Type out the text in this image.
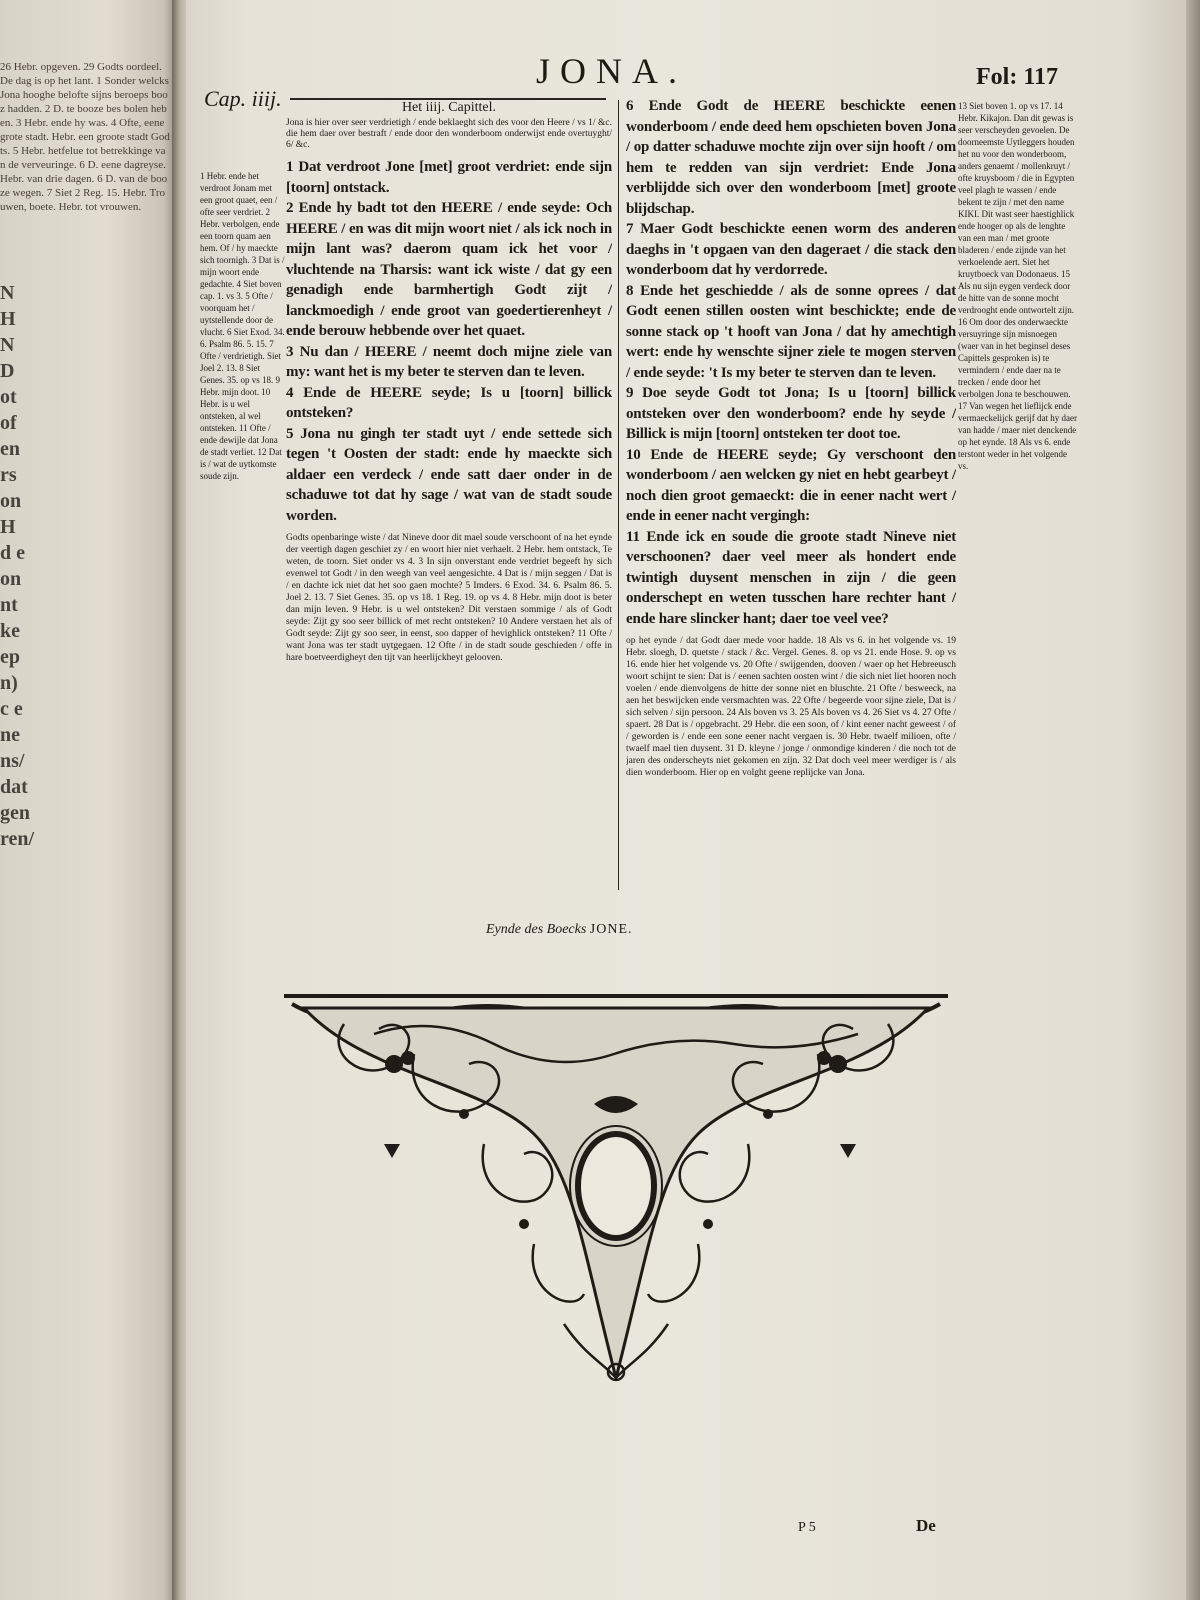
26 Hebr. opgeven. 29 Godts oordeel. De dag is op het lant. 1 Sonder welcks Jona hooghe belofte sijns beroeps booz hadden. 2 D. te booze bes bolen heben. 3 Hebr. ende hy was. 4 Ofte, eene grote stadt. Hebr. een groote stadt Godts. 5 Hebr. hetfelue tot betrekkinge van de verveuringe. 6 D. eene dagreyse. Hebr. van drie dagen. 6 D. van de booze wegen. 7 Siet 2 Reg. 15. Hebr. Trouwen, boete. Hebr. tot vrouwen.
N H N D ot of en rs on H d e on nt ke ep n) c e ne ns/ dat gen ren/
Cap. iiij.
JONA.	Fol: 117

1 Hebr. ende het verdroot Jonam met een groot quaet, een / ofte seer verdriet. 2 Hebr. verbolgen, ende een toorn quam aen hem. Of / hy maeckte sich toornigh. 3 Dat is / mijn woort ende gedachte. 4 Siet boven cap. 1. vs 3. 5 Ofte / voorquam het / uytstellende door de vlucht. 6 Siet Exod. 34. 6. Psalm 86. 5. 15. 7 Ofte / verdrietigh. Siet Joel 2. 13. 8 Siet Genes. 35. op vs 18. 9 Hebr. mijn doot. 10 Hebr. is u wel ontsteken, al wel ontsteken. 11 Ofte / ende dewijle dat Jona de stadt verliet. 12 Dat is / wat de uytkomste soude zijn.

Het iiij. Capittel.

Jona is hier over seer verdrietigh / ende beklaeght sich des voor den Heere / vs 1/ &c. die hem daer over bestraft / ende door den wonderboom onderwijst ende overtuyght/ 6/ &c.

1 Dat verdroot Jone [met] groot verdriet: ende sijn [toorn] ontstack.

2 Ende hy badt tot den HEERE / ende seyde: Och HEERE / en was dit mijn woort niet / als ick noch in mijn lant was? daerom quam ick het voor / vluchtende na Tharsis: want ick wiste / dat gy een genadigh ende barmhertigh Godt zijt / lanckmoedigh / ende groot van goedertierenheyt / ende berouw hebbende over het quaet.

3 Nu dan / HEERE / neemt doch mijne ziele van my: want het is my beter te sterven dan te leven.

4 Ende de HEERE seyde; Is u [toorn] billick ontsteken?

5 Jona nu gingh ter stadt uyt / ende settede sich tegen 't Oosten der stadt: ende hy maeckte sich aldaer een verdeck / ende satt daer onder in de schaduwe tot dat hy sage / wat van de stadt soude worden.

Godts openbaringe wiste / dat Nineve door dit mael soude verschoont of na het eynde der veertigh dagen geschiet zy / en woort hier niet verhaelt. 2 Hebr. hem ontstack, Te weten, de toorn. Siet onder vs 4. 3 In sijn onverstant ende verdriet begeeft hy sich evenwel tot Godt / in den weegh van veel aengesichte. 4 Dat is / mijn seggen / Dat is / en dachte ick niet dat het soo gaen mochte? 5 Imders. 6 Exod. 34. 6. Psalm 86. 5. Joel 2. 13. 7 Siet Genes. 35. op vs 18. 1 Reg. 19. op vs 4. 8 Hebr. mijn doot is beter dan mijn leven. 9 Hebr. is u wel ontsteken? Dit verstaen sommige / als of Godt seyde: Zijt gy soo seer billick of met recht ontsteken? 10 Andere verstaen het als of Godt seyde: Zijt gy soo seer, in eenst, soo dapper of hevighlick ontsteken? 11 Ofte / want Jona was ter stadt uytgegaen. 12 Ofte / in de stadt soude geschieden / offe in hare boetveerdigheyt den tijt van heerlijckheyt gelooven.

6 Ende Godt de HEERE beschickte eenen wonderboom / ende deed hem opschieten boven Jona / op datter schaduwe mochte zijn over sijn hooft / om hem te redden van sijn verdriet: Ende Jona verblijdde sich over den wonderboom [met] groote blijdschap.

7 Maer Godt beschickte eenen worm des anderen daeghs in 't opgaen van den dageraet / die stack den wonderboom dat hy verdorrede.

8 Ende het geschiedde / als de sonne oprees / dat Godt eenen stillen oosten wint beschickte; ende de sonne stack op 't hooft van Jona / dat hy amechtigh wert: ende hy wenschte sijner ziele te mogen sterven / ende seyde: 't Is my beter te sterven dan te leven.

9 Doe seyde Godt tot Jona; Is u [toorn] billick ontsteken over den wonderboom? ende hy seyde / Billick is mijn [toorn] ontsteken ter doot toe.

10 Ende de HEERE seyde; Gy verschoont den wonderboom / aen welcken gy niet en hebt gearbeyt / noch dien groot gemaeckt: die in eener nacht wert / ende in eener nacht vergingh:

11 Ende ick en soude die groote stadt Nineve niet verschoonen? daer veel meer als hondert ende twintigh duysent menschen in zijn / die geen onderschept en weten tusschen hare rechter hant / ende hare slincker hant; daer toe veel vee?

op het eynde / dat Godt daer mede voor hadde. 18 Als vs 6. in het volgende vs. 19 Hebr. sloegh, D. quetste / stack / &c. Vergel. Genes. 8. op vs 21. ende Hose. 9. op vs 16. ende hier het volgende vs. 20 Ofte / swijgenden, dooven / waer op het Hebreeusch woort schijnt te sien: Dat is / eenen sachten oosten wint / die sich niet liet hooren noch voelen / ende dienvolgens de hitte der sonne niet en bluschte. 21 Ofte / besweeck, na aen het beswijcken ende versmachten was. 22 Ofte / begeerde voor sijne ziele, Dat is / sich selven / sijn persoon. 24 Als boven vs 3. 25 Als boven vs 4. 26 Siet vs 4. 27 Ofte / spaert. 28 Dat is / opgebracht. 29 Hebr. die een soon, of / kint eener nacht geweest / of / geworden is / ende een sone eener nacht vergaen is. 30 Hebr. twaelf milioen, ofte / twaelf mael tien duysent. 31 D. kleyne / jonge / onmondige kinderen / die noch tot de jaren des onderscheyts niet gekomen en zijn. 32 Dat doch veel meer werdiger is / als dien wonderboom. Hier op en volght geene replijcke van Jona.

13 Siet boven 1. op vs 17. 14 Hebr. Kikajon. Dan dit gewas is seer verscheyden gevoelen. De doorneemste Uytleggers houden het nu voor den wonderboom, anders genaemt / mollenkruyt / ofte kruysboom / die in Egypten veel plagh te wassen / ende bekent te zijn / met den name KIKI. Dit wast seer haestighlick ende hooger op als de lenghte van een man / met groote bladeren / ende zijnde van het verkoelende aert. Siet het kruytboeck van Dodonaeus. 15 Als nu sijn eygen verdeck door de hitte van de sonne mocht verdrooght ende ontwortelt zijn. 16 Om door des onderwaeckte versuyringe sijn misnoegen (waer van in het beginsel deses Capittels gesproken is) te vermindern / ende daer na te trecken / ende door het verbolgen Jona te beschouwen. 17 Van wegen het lieflijck ende vermaeckelijck gerijf dat hy daer van hadde / maer niet denckende op het eynde. 18 Als vs 6. ende terstont weder in het volgende vs.

Eynde des Boecks JONE.
P 5	De
